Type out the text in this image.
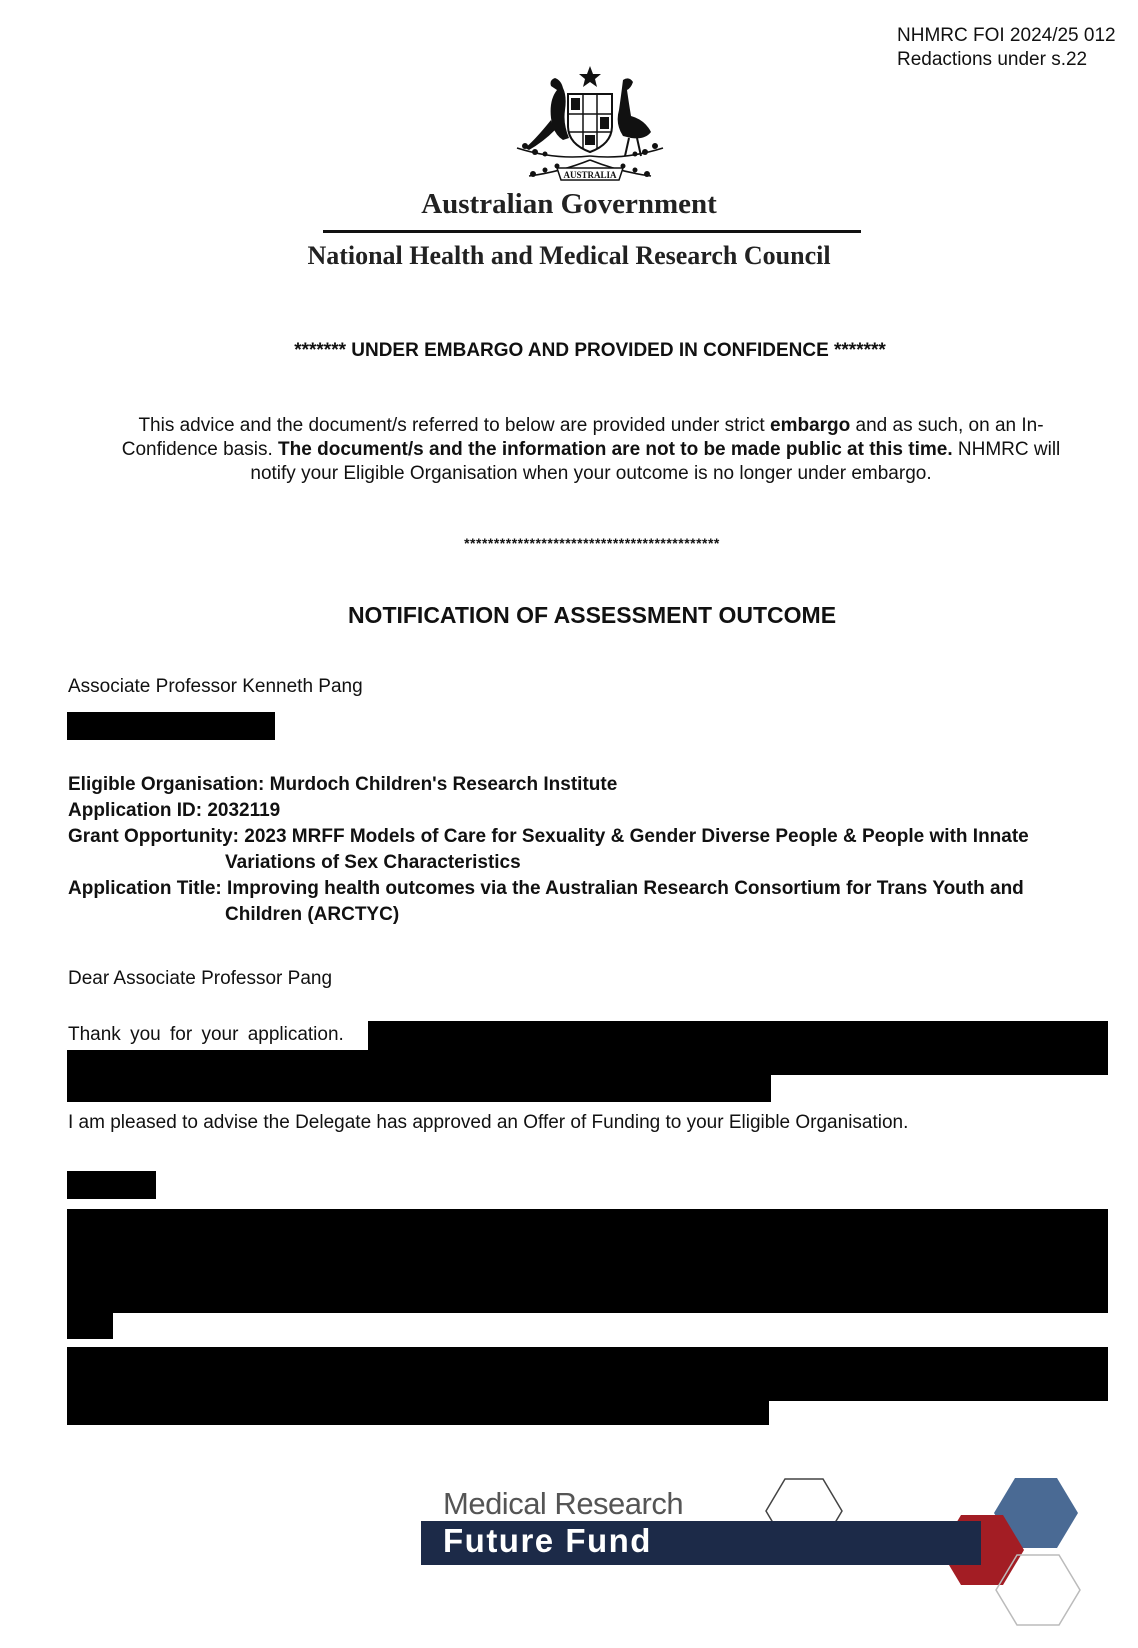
NHMRC FOI 2024/25 012
Redactions under s.22
AUSTRALIA
Australian Government
National Health and Medical Research Council
******* UNDER EMBARGO AND PROVIDED IN CONFIDENCE *******
This advice and the document/s referred to below are provided under strict embargo and as such, on an In-Confidence basis. The document/s and the information are not to be made public at this time. NHMRC will notify your Eligible Organisation when your outcome is no longer under embargo.
*******************************************
NOTIFICATION OF ASSESSMENT OUTCOME
Associate Professor Kenneth Pang
Eligible Organisation: Murdoch Children's Research Institute
Application ID: 2032119
Grant Opportunity: 2023 MRFF Models of Care for Sexuality & Gender Diverse People & People with Innate
Variations of Sex Characteristics
Application Title: Improving health outcomes via the Australian Research Consortium for Trans Youth and
Children (ARCTYC)
Dear Associate Professor Pang
Thank you for your application.
I am pleased to advise the Delegate has approved an Offer of Funding to your Eligible Organisation.
Medical Research
Future Fund
